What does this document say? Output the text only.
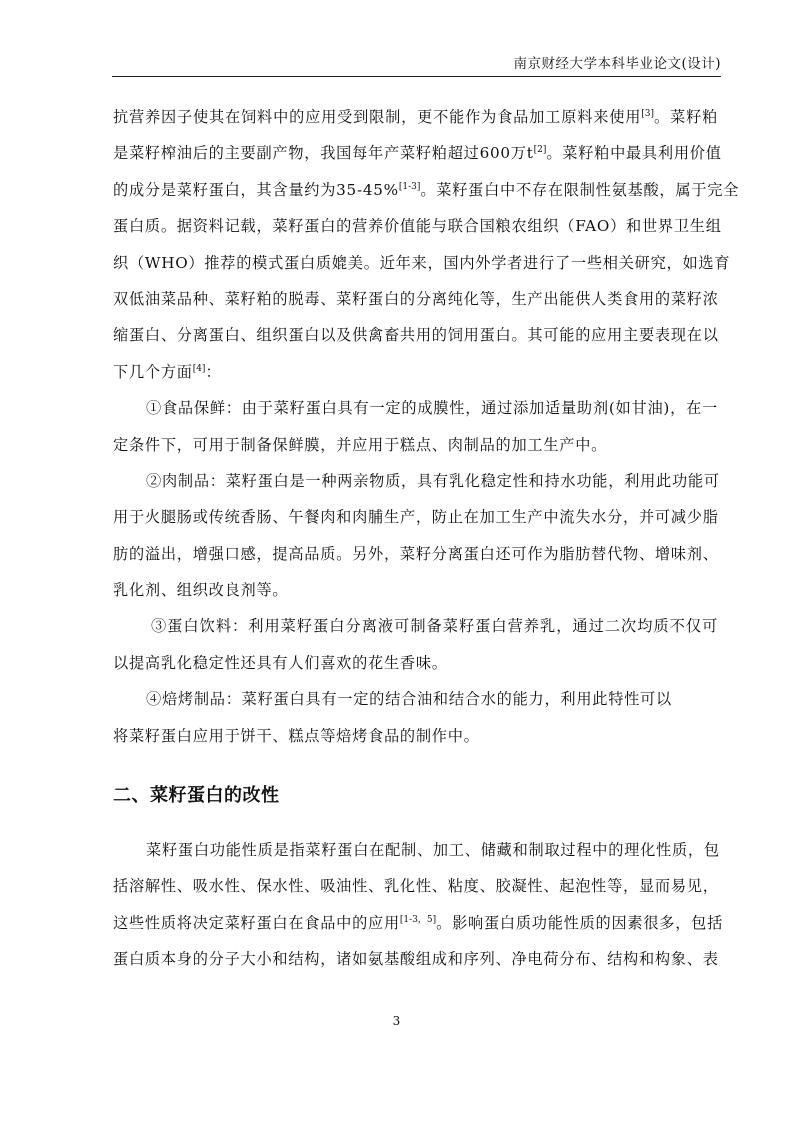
南京财经大学本科毕业论文(设计)
抗营养因子使其在饲料中的应用受到限制，更不能作为食品加工原料来使用[3]。菜籽粕
是菜籽榨油后的主要副产物，我国每年产菜籽粕超过600万t[2]。菜籽粕中最具利用价值
的成分是菜籽蛋白，其含量约为35-45%[1-3]。菜籽蛋白中不存在限制性氨基酸，属于完全
蛋白质。据资料记载，菜籽蛋白的营养价值能与联合国粮农组织（FAO）和世界卫生组
织（WHO）推荐的模式蛋白质媲美。近年来，国内外学者进行了一些相关研究，如选育
双低油菜品种、菜籽粕的脱毒、菜籽蛋白的分离纯化等，生产出能供人类食用的菜籽浓
缩蛋白、分离蛋白、组织蛋白以及供禽畜共用的饲用蛋白。其可能的应用主要表现在以
下几个方面[4]：
①食品保鲜：由于菜籽蛋白具有一定的成膜性，通过添加适量助剂(如甘油)，在一
定条件下，可用于制备保鲜膜，并应用于糕点、肉制品的加工生产中。
②肉制品：菜籽蛋白是一种两亲物质，具有乳化稳定性和持水功能，利用此功能可
用于火腿肠或传统香肠、午餐肉和肉脯生产，防止在加工生产中流失水分，并可减少脂
肪的溢出，增强口感，提高品质。另外，菜籽分离蛋白还可作为脂肪替代物、增味剂、
乳化剂、组织改良剂等。
③蛋白饮料：利用菜籽蛋白分离液可制备菜籽蛋白营养乳，通过二次均质不仅可
以提高乳化稳定性还具有人们喜欢的花生香味。
④焙烤制品：菜籽蛋白具有一定的结合油和结合水的能力，利用此特性可以
将菜籽蛋白应用于饼干、糕点等焙烤食品的制作中。
二、菜籽蛋白的改性
菜籽蛋白功能性质是指菜籽蛋白在配制、加工、储藏和制取过程中的理化性质，包
括溶解性、吸水性、保水性、吸油性、乳化性、粘度、胶凝性、起泡性等，显而易见，
这些性质将决定菜籽蛋白在食品中的应用[1-3，5]。影响蛋白质功能性质的因素很多，包括
蛋白质本身的分子大小和结构，诸如氨基酸组成和序列、净电荷分布、结构和构象、表
3
